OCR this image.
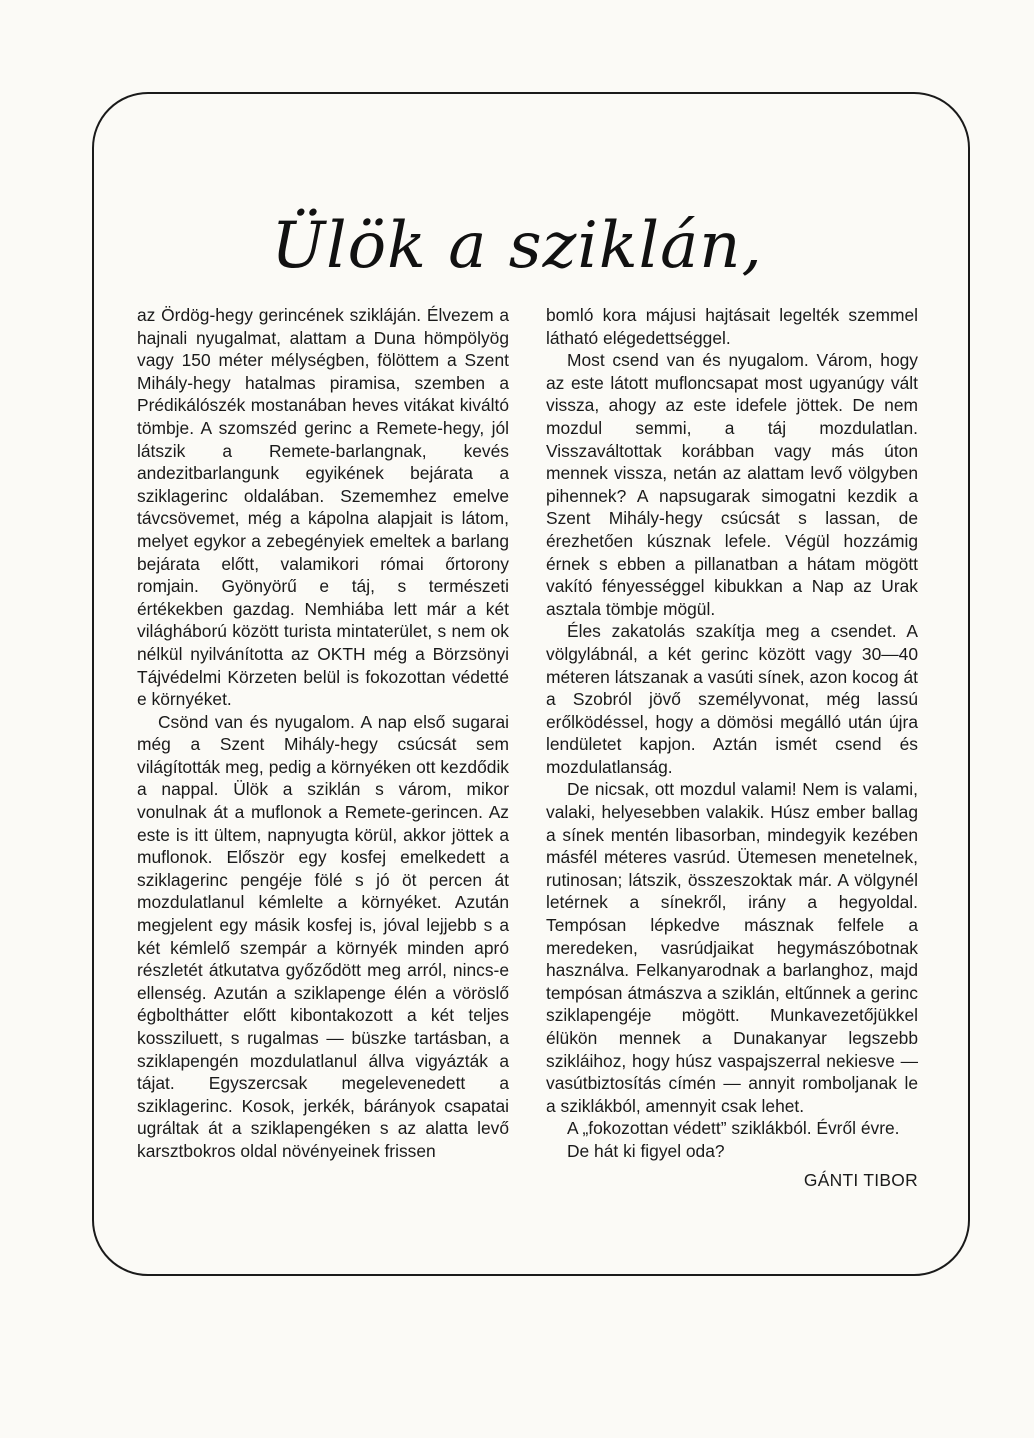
Ülök a sziklán,

az Ördög-hegy gerincének szikláján. Élvezem a hajnali nyugalmat, alattam a Duna hömpölyög vagy 150 méter mélységben, fölöttem a Szent Mihály-hegy hatalmas piramisa, szemben a Prédikálószék mostanában heves vitákat kiváltó tömbje. A szomszéd gerinc a Remete-hegy, jól látszik a Remete-barlangnak, kevés andezitbarlangunk egyikének bejárata a sziklagerinc oldalában. Szememhez emelve távcsövemet, még a kápolna alapjait is látom, melyet egykor a zebegényiek emeltek a barlang bejárata előtt, valamikori római őrtorony romjain. Gyönyörű e táj, s természeti értékekben gazdag. Nemhiába lett már a két világháború között turista mintaterület, s nem ok nélkül nyilvánította az OKTH még a Börzsönyi Tájvédelmi Körzeten belül is fokozottan védetté e környéket.

Csönd van és nyugalom. A nap első sugarai még a Szent Mihály-hegy csúcsát sem világították meg, pedig a környéken ott kezdődik a nappal. Ülök a sziklán s várom, mikor vonulnak át a muflonok a Remete-gerincen. Az este is itt ültem, napnyugta körül, akkor jöttek a muflonok. Először egy kosfej emelkedett a sziklagerinc pengéje fölé s jó öt percen át mozdulatlanul kémlelte a környéket. Azután megjelent egy másik kosfej is, jóval lejjebb s a két kémlelő szempár a környék minden apró részletét átkutatva győződött meg arról, nincs-e ellenség. Azután a sziklapenge élén a vöröslő égbolthátter előtt kibontakozott a két teljes kossziluett, s rugalmas — büszke tartásban, a sziklapengén mozdulatlanul állva vigyázták a tájat. Egyszercsak megelevenedett a sziklagerinc. Kosok, jerkék, bárányok csapatai ugráltak át a sziklapengéken s az alatta levő karsztbokros oldal növényeinek frissen

bomló kora májusi hajtásait legelték szemmel látható elégedettséggel.

Most csend van és nyugalom. Várom, hogy az este látott mufloncsapat most ugyanúgy vált vissza, ahogy az este idefele jöttek. De nem mozdul semmi, a táj mozdulatlan. Visszaváltottak korábban vagy más úton mennek vissza, netán az alattam levő völgyben pihennek? A napsugarak simogatni kezdik a Szent Mihály-hegy csúcsát s lassan, de érezhetően kúsznak lefele. Végül hozzámig érnek s ebben a pillanatban a hátam mögött vakító fényességgel kibukkan a Nap az Urak asztala tömbje mögül.

Éles zakatolás szakítja meg a csendet. A völgylábnál, a két gerinc között vagy 30—40 méteren látszanak a vasúti sínek, azon kocog át a Szobról jövő személyvonat, még lassú erőlködéssel, hogy a dömösi megálló után újra lendületet kapjon. Aztán ismét csend és mozdulatlanság.

De nicsak, ott mozdul valami! Nem is valami, valaki, helyesebben valakik. Húsz ember ballag a sínek mentén libasorban, mindegyik kezében másfél méteres vasrúd. Ütemesen menetelnek, rutinosan; látszik, összeszoktak már. A völgynél letérnek a sínekről, irány a hegyoldal. Tempósan lépkedve másznak felfele a meredeken, vasrúdjaikat hegymászóbotnak használva. Felkanyarodnak a barlanghoz, majd tempósan átmászva a sziklán, eltűnnek a gerinc sziklapengéje mögött. Munkavezetőjükkel élükön mennek a Dunakanyar legszebb szikláihoz, hogy húsz vaspajszerral nekiesve — vasútbiztosítás címén — annyit romboljanak le a sziklákból, amennyit csak lehet.

A „fokozottan védett” sziklákból. Évről évre.

De hát ki figyel oda?

GÁNTI TIBOR
